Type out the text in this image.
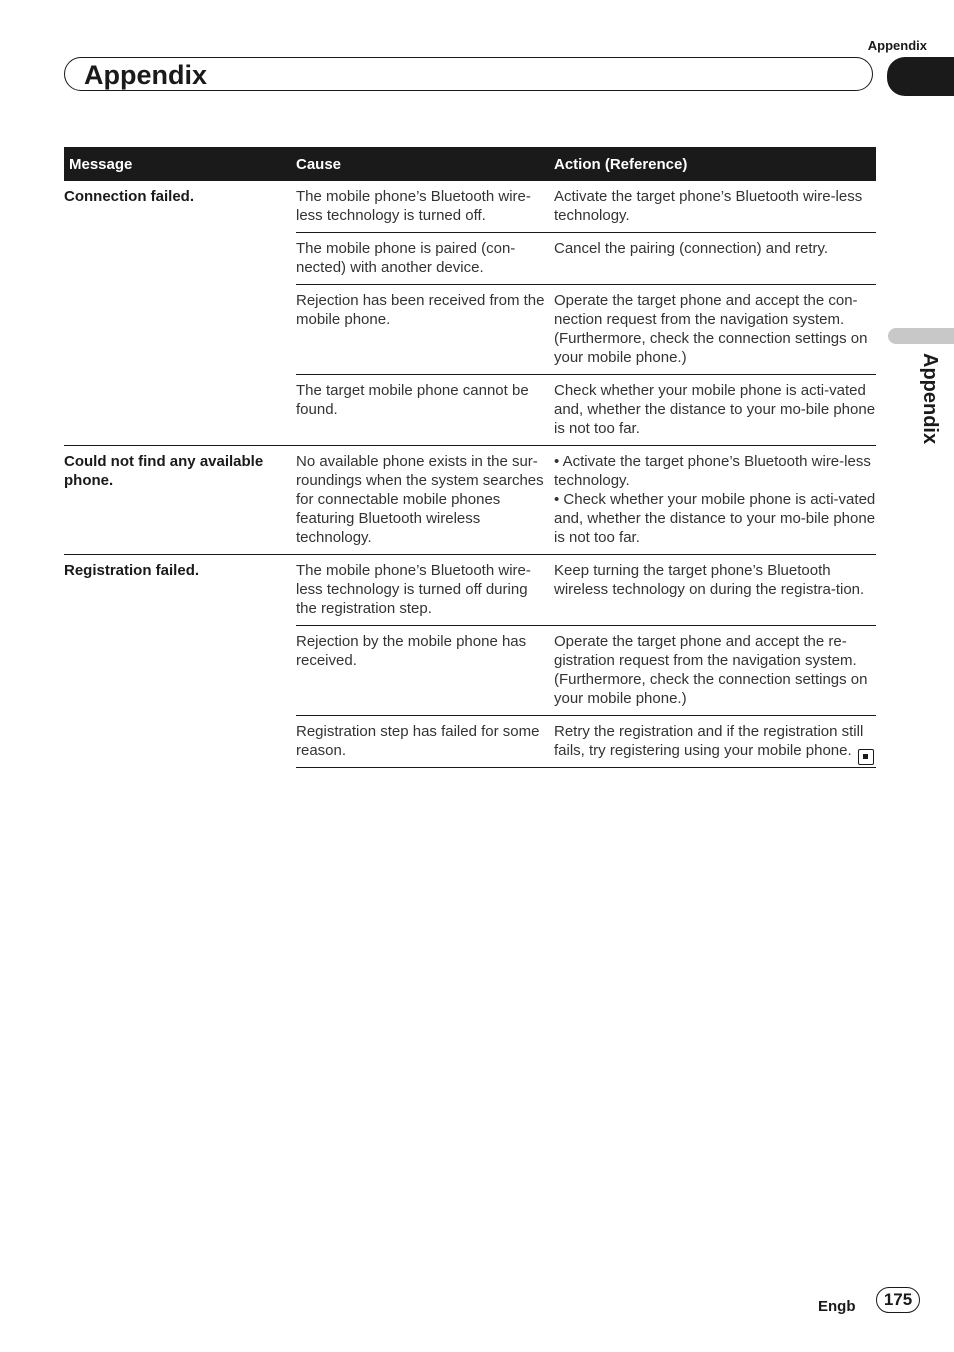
Appendix
Appendix
Appendix
Message	Cause	Action (Reference)
Connection failed.	The mobile phone’s Bluetooth wire-less technology is turned off.	Activate the target phone’s Bluetooth wire-less technology.
	The mobile phone is paired (con-nected) with another device.	Cancel the pairing (connection) and retry.
	Rejection has been received from the mobile phone.	Operate the target phone and accept the con-nection request from the navigation system. (Furthermore, check the connection settings on your mobile phone.)
	The target mobile phone cannot be found.	Check whether your mobile phone is acti-vated and, whether the distance to your mo-bile phone is not too far.
Could not find any available phone.	No available phone exists in the sur-roundings when the system searches for connectable mobile phones featuring Bluetooth wireless technology.	• Activate the target phone’s Bluetooth wire-less technology.
• Check whether your mobile phone is acti-vated and, whether the distance to your mo-bile phone is not too far.
Registration failed.	The mobile phone’s Bluetooth wire-less technology is turned off during the registration step.	Keep turning the target phone’s Bluetooth wireless technology on during the registra-tion.
	Rejection by the mobile phone has received.	Operate the target phone and accept the re-gistration request from the navigation system. (Furthermore, check the connection settings on your mobile phone.)
	Registration step has failed for some reason.	Retry the registration and if the registration still fails, try registering using your mobile phone.
Engb	175
